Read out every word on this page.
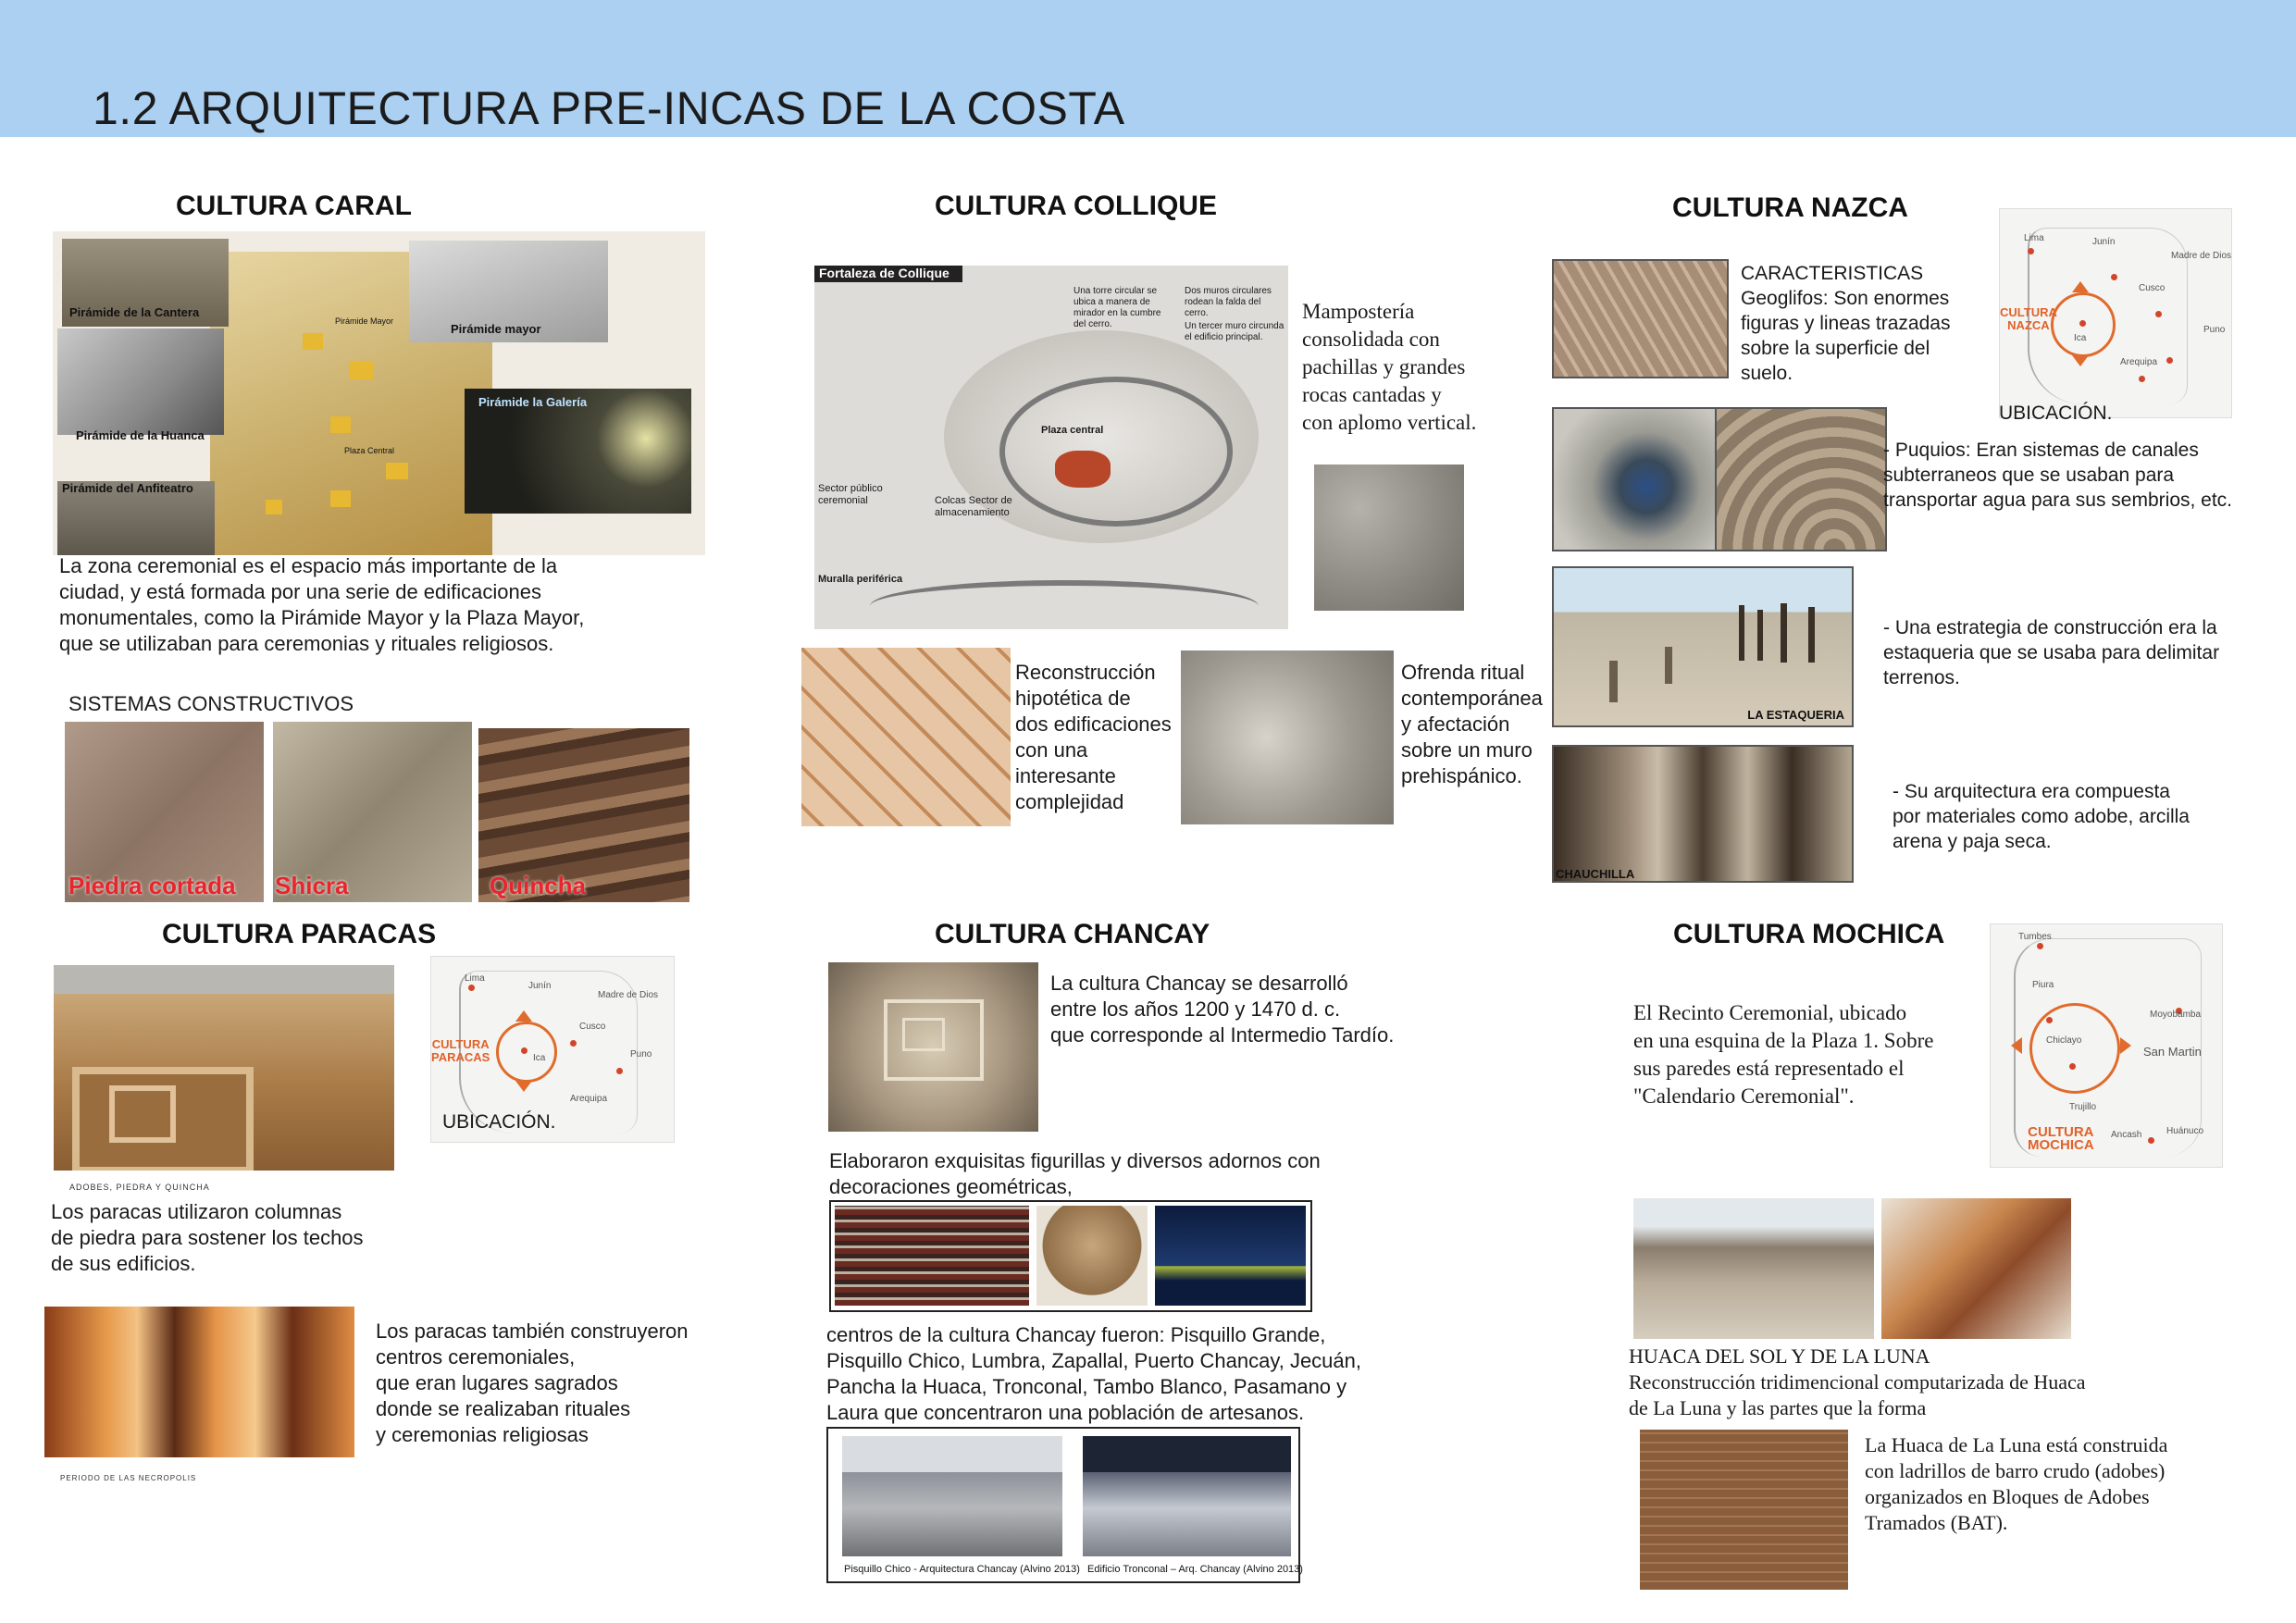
1.2 ARQUITECTURA PRE-INCAS DE LA COSTA
CULTURA CARAL
Pirámide de la Cantera
Pirámide mayor
Pirámide de la Huanca
Pirámide la Galería
Pirámide del Anfiteatro
Pirámide Mayor
Plaza Central
La zona ceremonial es el espacio más importante de la
ciudad, y está formada por una serie de edificaciones
monumentales, como la Pirámide Mayor y la Plaza Mayor,
que se utilizaban para ceremonias y rituales religiosos.
SISTEMAS CONSTRUCTIVOS
Piedra cortada Shicra	Quincha
CULTURA COLLIQUE
Fortaleza de Collique
Plaza central
Sector público ceremonial	Colcas Sector de almacenamiento
Muralla periférica
Una torre circular se ubica a manera de mirador en la cumbre del cerro.
Dos muros circulares rodean la falda del cerro.
Un tercer muro circunda el edificio principal.
Mampostería
consolidada con
pachillas y grandes
rocas cantadas y
con aplomo vertical.
Reconstrucción
hipotética de
dos edificaciones
con una
interesante
complejidad
Ofrenda ritual
contemporánea
y afectación
sobre un muro
prehispánico.
CULTURA NAZCA
CARACTERISTICAS
Geoglifos: Son enormes
figuras y lineas trazadas
sobre la superficie del
suelo.
CULTURA
NAZCA
Lima	Junín
Cusco
Puno
Arequipa
Madre de Dios
Ica
UBICACIÓN.
- Puquios: Eran sistemas de canales
subterraneos que se usaban para
transportar agua para sus sembrios, etc.
LA ESTAQUERIA
- Una estrategia de construcción era la
estaqueria que se usaba para delimitar
terrenos.
CHAUCHILLA
- Su arquitectura era compuesta
por materiales como adobe, arcilla
arena y paja seca.
CULTURA PARACAS
ADOBES, PIEDRA Y QUINCHA
CULTURA
PARACAS
Lima
Junín
Cusco
Puno
Arequipa
Madre de Dios
Ica
UBICACIÓN.
Los paracas utilizaron columnas
de piedra para sostener los techos
de sus edificios.
PERIODO DE LAS NECROPOLIS
Los paracas también construyeron
centros ceremoniales,
que eran lugares sagrados
donde se realizaban rituales
y ceremonias religiosas
CULTURA CHANCAY
La cultura Chancay se desarrolló
entre los años 1200 y 1470 d. c.
que corresponde al Intermedio Tardío.
Elaboraron exquisitas figurillas y diversos adornos con
decoraciones geométricas,
centros de la cultura Chancay fueron: Pisquillo Grande,
Pisquillo Chico, Lumbra, Zapallal, Puerto Chancay, Jecuán,
Pancha la Huaca, Tronconal, Tambo Blanco, Pasamano y
Laura que concentraron una población de artesanos.
Pisquillo Chico - Arquitectura Chancay (Alvino 2013) Edificio Tronconal – Arq. Chancay (Alvino 2013)
CULTURA MOCHICA
El Recinto Ceremonial, ubicado
en una esquina de la Plaza 1. Sobre
sus paredes está representado el
"Calendario Ceremonial".
CULTURA
MOCHICA
Tumbes
Piura
Chiclayo
Trujillo
San Martin
Moyobamba
Huánuco
Ancash
HUACA DEL SOL Y DE LA LUNA
Reconstrucción tridimencional computarizada de Huaca
de La Luna y las partes que la forma
La Huaca de La Luna está construida
con ladrillos de barro crudo (adobes)
organizados en Bloques de Adobes
Tramados (BAT).
